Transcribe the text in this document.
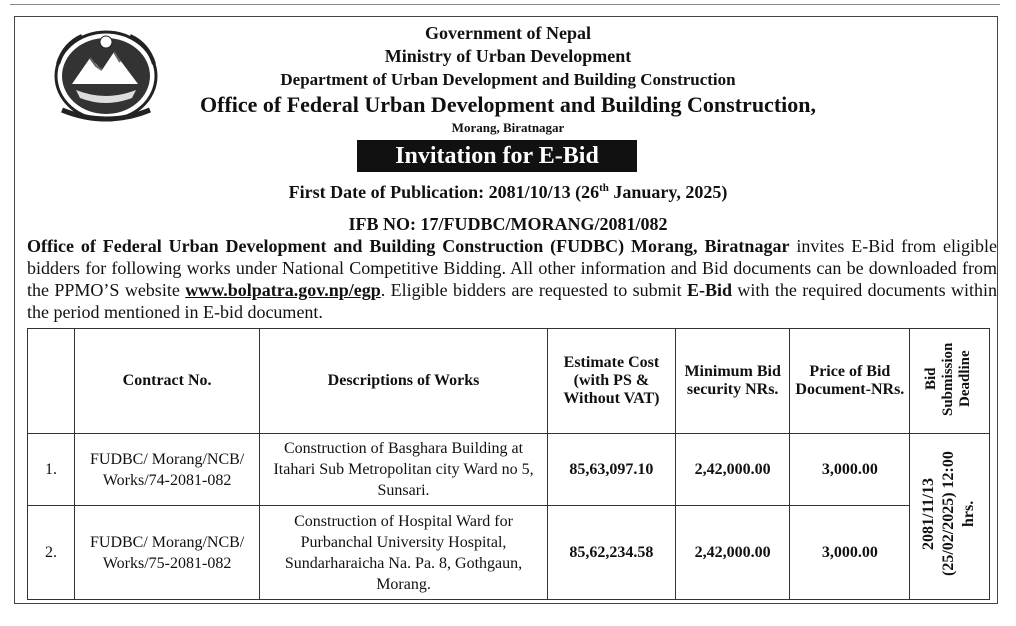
Government of Nepal
Ministry of Urban Development
Department of Urban Development and Building Construction
Office of Federal Urban Development and Building Construction,
Morang, Biratnagar
Invitation for E-Bid
First Date of Publication: 2081/10/13 (26th January, 2025)
IFB NO: 17/FUDBC/MORANG/2081/082
Office of Federal Urban Development and Building Construction (FUDBC) Morang, Biratnagar invites E-Bid from eligible bidders for following works under National Competitive Bidding. All other information and Bid documents can be downloaded from the PPMO’S website www.bolpatra.gov.np/egp. Eligible bidders are requested to submit E-Bid with the required documents within the period mentioned in E-bid document.
	Contract No.	Descriptions of Works	Estimate Cost (with PS & Without VAT)	Minimum Bid security NRs.	Price of Bid Document-NRs.	Bid Submission Deadline
1.	FUDBC/ Morang/NCB/ Works/74-2081-082	Construction of Basghara Building at Itahari Sub Metropolitan city Ward no 5, Sunsari.	85,63,097.10	2,42,000.00	3,000.00	2081/11/13 (25/02/2025) 12:00 hrs.
2.	FUDBC/ Morang/NCB/ Works/75-2081-082	Construction of Hospital Ward for Purbanchal University Hospital, Sundarharaicha Na. Pa. 8, Gothgaun, Morang.	85,62,234.58	2,42,000.00	3,000.00	
